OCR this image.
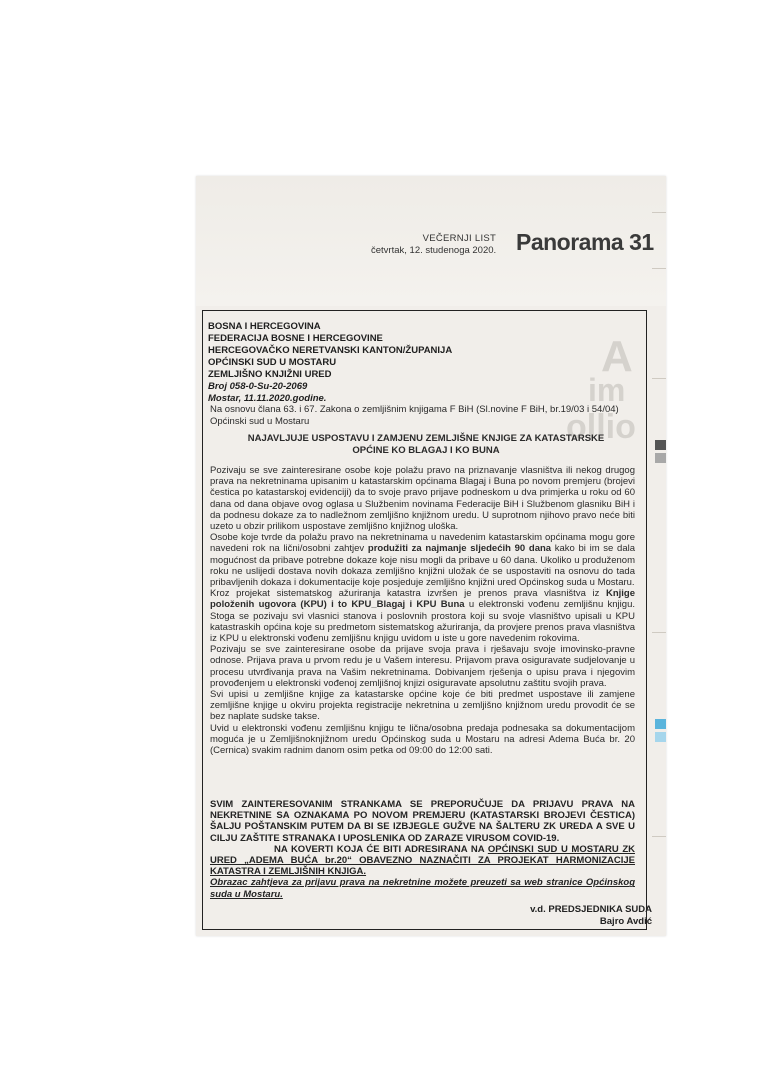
A
im
ollio
VEČERNJI LIST
četvrtak, 12. studenoga 2020. Panorama 31
BOSNA I HERCEGOVINA
FEDERACIJA BOSNE I HERCEGOVINE
HERCEGOVAČKO NERETVANSKI KANTON/ŽUPANIJA
OPĆINSKI SUD U MOSTARU
ZEMLJIŠNO KNJIŽNI URED
Broj 058-0-Su-20-2069
Mostar, 11.11.2020.godine.
Na osnovu člana 63. i 67. Zakona o zemljišnim knjigama F BiH (Sl.novine F BiH, br.19/03 i 54/04) Općinski sud u Mostaru
NAJAVLJUJE USPOSTAVU I ZAMJENU ZEMLJIŠNE KNJIGE ZA KATASTARSKE OPĆINE KO BLAGAJ I KO BUNA

Pozivaju se sve zainteresirane osobe koje polažu pravo na priznavanje vlasništva ili nekog drugog prava na nekretninama upisanim u katastarskim općinama Blagaj i Buna po novom premjeru (brojevi čestica po katastarskoj evidenciji) da to svoje pravo prijave podneskom u dva primjerka u roku od 60 dana od dana objave ovog oglasa u Službenim novinama Federacije BiH i Službenom glasniku BiH i da podnesu dokaze za to nadležnom zemljišno knjižnom uredu. U suprotnom njihovo pravo neće biti uzeto u obzir prilikom uspostave zemljišno knjižnog uloška.

Osobe koje tvrde da polažu pravo na nekretninama u navedenim katastarskim općinama mogu gore navedeni rok na lični/osobni zahtjev produžiti za najmanje sljedećih 90 dana kako bi im se dala mogućnost da pribave potrebne dokaze koje nisu mogli da pribave u 60 dana. Ukoliko u produženom roku ne uslijedi dostava novih dokaza zemljišno knjižni uložak će se uspostaviti na osnovu do tada pribavljenih dokaza i dokumentacije koje posjeduje zemljišno knjižni ured Općinskog suda u Mostaru.

Kroz projekat sistematskog ažuriranja katastra izvršen je prenos prava vlasništva iz Knjige položenih ugovora (KPU) i to KPU_Blagaj i KPU Buna u elektronski vođenu zemljišnu knjigu. Stoga se pozivaju svi vlasnici stanova i poslovnih prostora koji su svoje vlasništvo upisali u KPU katastraskih općina koje su predmetom sistematskog ažuriranja, da provjere prenos prava vlasništva iz KPU u elektronski vođenu zemljišnu knjigu uvidom u iste u gore navedenim rokovima.

Pozivaju se sve zainteresirane osobe da prijave svoja prava i rješavaju svoje imovinsko-pravne odnose. Prijava prava u prvom redu je u Vašem interesu. Prijavom prava osiguravate sudjelovanje u procesu utvrđivanja prava na Vašim nekretninama. Dobivanjem rješenja o upisu prava i njegovim provođenjem u elektronski vođenoj zemljišnoj knjizi osiguravate apsolutnu zaštitu svojih prava.

Svi upisi u zemljišne knjige za katastarske općine koje će biti predmet uspostave ili zamjene zemljišne knjige u okviru projekta registracije nekretnina u zemljišno knjižnom uredu provodit će se bez naplate sudske takse.

Uvid u elektronski vođenu zemljišnu knjigu te lična/osobna predaja podnesaka sa dokumentacijom moguća je u Zemljišnoknjižnom uredu Općinskog suda u Mostaru na adresi Adema Buća br. 20 (Cernica) svakim radnim danom osim petka od 09:00 do 12:00 sati.

SVIM ZAINTERESOVANIM STRANKAMA SE PREPORUČUJE DA PRIJAVU PRAVA NA NEKRETNINE SA OZNAKAMA PO NOVOM PREMJERU (KATASTARSKI BROJEVI ČESTICA) ŠALJU POŠTANSKIM PUTEM DA BI SE IZBJEGLE GUŽVE NA ŠALTERU ZK UREDA A SVE U CILJU ZAŠTITE STRANAKA I UPOSLENIKA OD ZARAZE VIRUSOM COVID-19.

NA KOVERTI KOJA ĆE BITI ADRESIRANA NA OPĆINSKI SUD U MOSTARU ZK URED „ADEMA BUĆA br.20“ OBAVEZNO NAZNAČITI ZA PROJEKAT HARMONIZACIJE KATASTRA I ZEMLJIŠNIH KNJIGA.

Obrazac zahtjeva za prijavu prava na nekretnine možete preuzeti sa web stranice Općinskog suda u Mostaru.

v.d. PREDSJEDNIKA SUDA
Bajro Avdić
